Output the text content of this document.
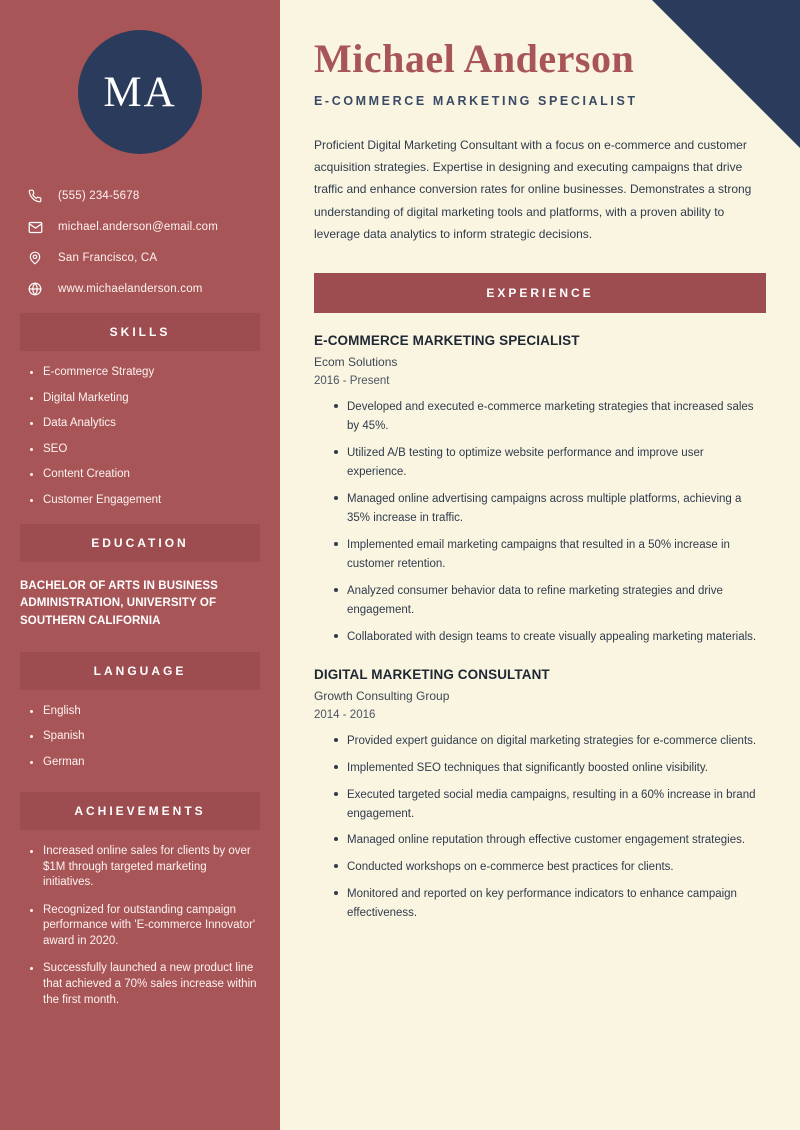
MA
(555) 234-5678
michael.anderson@email.com
San Francisco, CA
www.michaelanderson.com
SKILLS
E-commerce Strategy
Digital Marketing
Data Analytics
SEO
Content Creation
Customer Engagement
EDUCATION
BACHELOR OF ARTS IN BUSINESS ADMINISTRATION, UNIVERSITY OF SOUTHERN CALIFORNIA
LANGUAGE
English
Spanish
German
ACHIEVEMENTS
Increased online sales for clients by over $1M through targeted marketing initiatives.
Recognized for outstanding campaign performance with 'E-commerce Innovator' award in 2020.
Successfully launched a new product line that achieved a 70% sales increase within the first month.
Michael Anderson
E-COMMERCE MARKETING SPECIALIST

Proficient Digital Marketing Consultant with a focus on e-commerce and customer acquisition strategies. Expertise in designing and executing campaigns that drive traffic and enhance conversion rates for online businesses. Demonstrates a strong understanding of digital marketing tools and platforms, with a proven ability to leverage data analytics to inform strategic decisions.

EXPERIENCE
E-COMMERCE MARKETING SPECIALIST
Ecom Solutions
2016 - Present
Developed and executed e-commerce marketing strategies that increased sales by 45%.
Utilized A/B testing to optimize website performance and improve user experience.
Managed online advertising campaigns across multiple platforms, achieving a 35% increase in traffic.
Implemented email marketing campaigns that resulted in a 50% increase in customer retention.
Analyzed consumer behavior data to refine marketing strategies and drive engagement.
Collaborated with design teams to create visually appealing marketing materials.
DIGITAL MARKETING CONSULTANT
Growth Consulting Group
2014 - 2016
Provided expert guidance on digital marketing strategies for e-commerce clients.
Implemented SEO techniques that significantly boosted online visibility.
Executed targeted social media campaigns, resulting in a 60% increase in brand engagement.
Managed online reputation through effective customer engagement strategies.
Conducted workshops on e-commerce best practices for clients.
Monitored and reported on key performance indicators to enhance campaign effectiveness.
